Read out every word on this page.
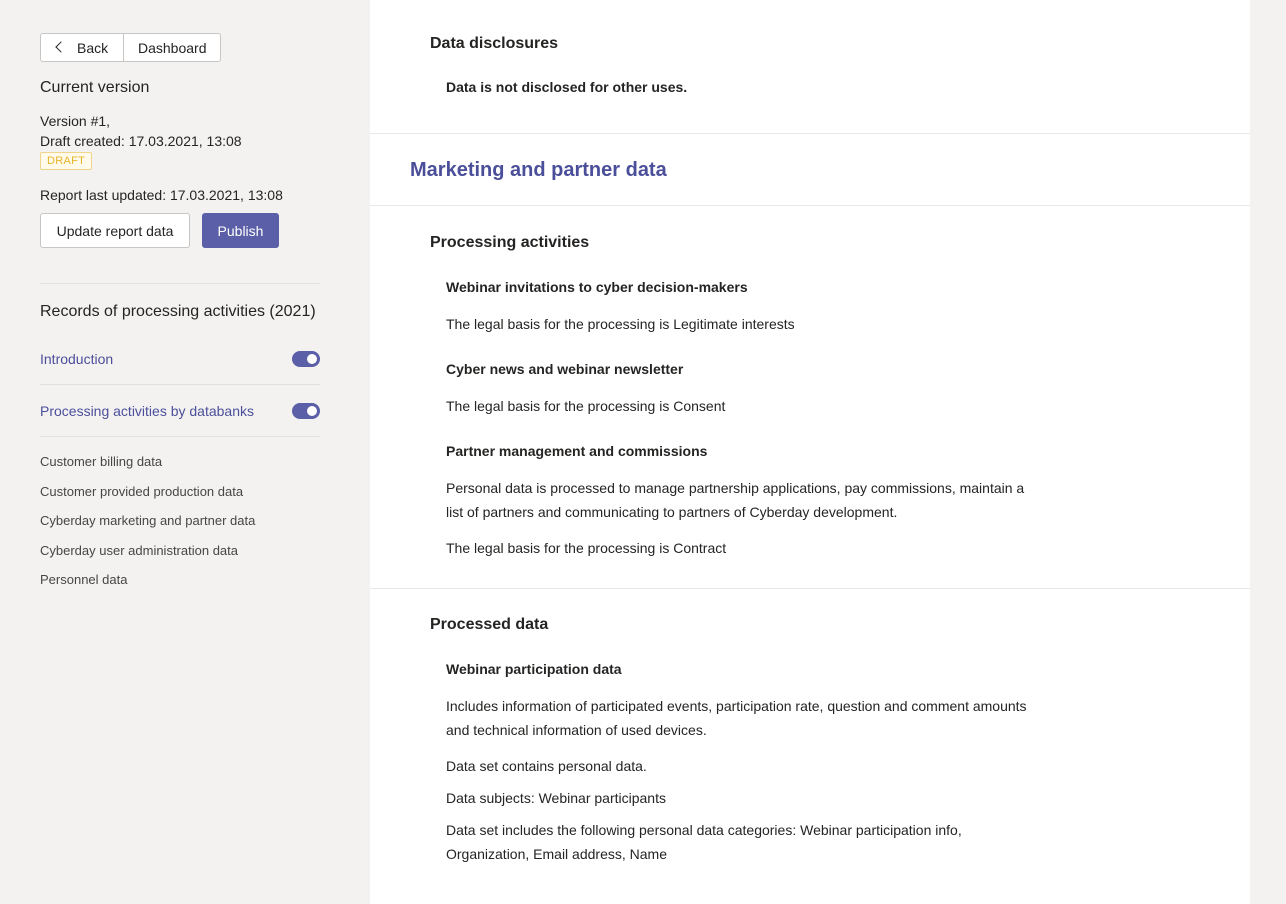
Back Dashboard
Current version
Version #1,
Draft created: 17.03.2021, 13:08
DRAFT
Report last updated: 17.03.2021, 13:08
Update report data	Publish
Records of processing activities (2021)
Introduction
Processing activities by databanks
Customer billing data
Customer provided production data
Cyberday marketing and partner data
Cyberday user administration data
Personnel data
Data disclosures
Data is not disclosed for other uses.
Marketing and partner data
Processing activities
Webinar invitations to cyber decision-makers
The legal basis for the processing is Legitimate interests
Cyber news and webinar newsletter
The legal basis for the processing is Consent
Partner management and commissions
Personal data is processed to manage partnership applications, pay commissions, maintain a list of partners and communicating to partners of Cyberday development.
The legal basis for the processing is Contract
Processed data
Webinar participation data
Includes information of participated events, participation rate, question and comment amounts and technical information of used devices.
Data set contains personal data.
Data subjects: Webinar participants
Data set includes the following personal data categories: Webinar participation info, Organization, Email address, Name
